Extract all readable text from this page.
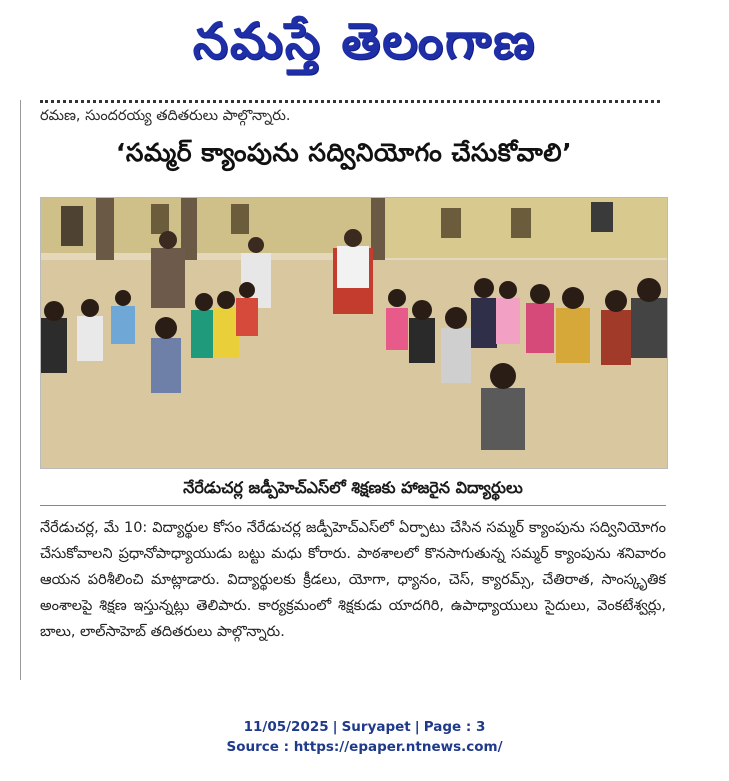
నమస్తే తెలంగాణ
రమణ, సుందరయ్య తదితరులు పాల్గొన్నారు.
‘సమ్మర్ క్యాంపును సద్వినియోగం చేసుకోవాలి’
నేరేడుచర్ల జడ్పీహెచ్ఎస్‌లో శిక్షణకు హాజరైన విద్యార్థులు

నేరేడుచర్ల, మే 10: విద్యార్థుల కోసం నేరేడుచర్ల జడ్పీహెచ్ఎస్‌లో ఏర్పాటు చేసిన సమ్మర్ క్యాంపును సద్వినియోగం చేసుకోవాలని ప్రధానోపాధ్యాయుడు బట్టు మధు కోరారు. పాఠశాలలో కొనసాగుతున్న సమ్మర్ క్యాంపును శనివారం ఆయన పరిశీలించి మాట్లాడారు. విద్యార్థులకు క్రీడలు, యోగా, ధ్యానం, చెస్, క్యారమ్స్, చేతిరాత, సాంస్కృతిక అంశాలపై శిక్షణ ఇస్తున్నట్లు తెలిపారు. కార్యక్రమంలో శిక్షకుడు యాదగిరి, ఉపాధ్యాయులు సైదులు, వెంకటేశ్వర్లు, బాలు, లాల్‌సాహెబ్ తదితరులు పాల్గొన్నారు.

11/05/2025 | Suryapet | Page : 3
Source : https://epaper.ntnews.com/
